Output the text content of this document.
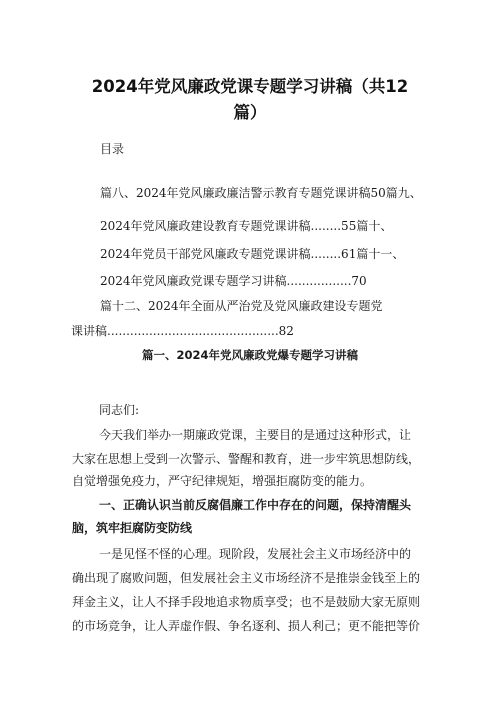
2024年党风廉政党课专题学习讲稿（共12
篇）
目录
篇八、2024年党风廉政廉洁警示教育专题党课讲稿50篇九、
2024年党风廉政建设教育专题党课讲稿........55篇十、
2024年党员干部党风廉政专题党课讲稿........61篇十一、
2024年党风廉政党课专题学习讲稿.................70
篇十二、2024年全面从严治党及党风廉政建设专题党
课讲稿.............................................82
篇一、2024年党风廉政党爆专题学习讲稿
同志们:
今天我们举办一期廉政党课，主要目的是通过这种形式，让
大家在思想上受到一次警示、警醒和教育，进一步牢筑思想防线，
自觉增强免疫力，严守纪律规矩，增强拒腐防变的能力。
一、正确认识当前反腐倡廉工作中存在的问题，保持清醒头
脑，筑牢拒腐防变防线
一是见怪不怪的心理。现阶段，发展社会主义市场经济中的
确出现了腐败问题，但发展社会主义市场经济不是推崇金钱至上的
拜金主义，让人不择手段地追求物质享受；也不是鼓励大家无原则
的市场竞争，让人弄虚作假、争名逐利、损人利己；更不能把等价
